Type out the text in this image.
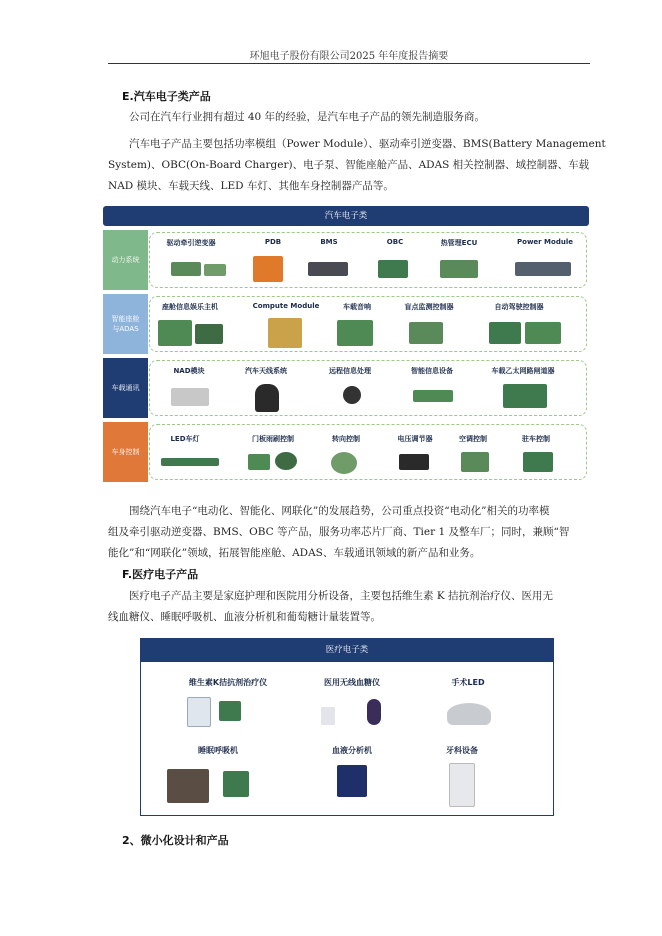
环旭电子股份有限公司2025 年年度报告摘要
E.汽车电子类产品
公司在汽车行业拥有超过 40 年的经验，是汽车电子产品的领先制造服务商。
汽车电子产品主要包括功率模组（Power Module）、驱动牵引逆变器、BMS(Battery Management
System)、OBC(On-Board Charger)、电子泵、智能座舱产品、ADAS 相关控制器、域控制器、车载
NAD 模块、车载天线、LED 车灯、其他车身控制器产品等。
汽车电子类
动力系统
驱动牵引逆变器	PDB	BMS	OBC	热管理ECU	Power Module
智能座舱
与ADAS
座舱信息娱乐主机	Compute Module	车载音响	盲点监测控制器	自动驾驶控制器
车载通讯
NAD模块	汽车天线系统	远程信息处理	智能信息设备	车载乙太网路闸道器
车身控制
LED车灯	门板雨刷控制	转向控制	电压调节器	空调控制	驻车控制
围绕汽车电子“电动化、智能化、网联化”的发展趋势，公司重点投资“电动化”相关的功率模
组及牵引驱动逆变器、BMS、OBC 等产品，服务功率芯片厂商、Tier 1 及整车厂；同时，兼顾“智
能化”和“网联化”领域，拓展智能座舱、ADAS、车载通讯领域的新产品和业务。
F.医疗电子产品
医疗电子产品主要是家庭护理和医院用分析设备，主要包括维生素 K 拮抗剂治疗仪、医用无
线血糖仪、睡眠呼吸机、血液分析机和葡萄糖计量装置等。
医疗电子类
维生素K拮抗剂治疗仪	医用无线血糖仪	手术LED
睡眠呼吸机	血液分析机	牙科设备
2、微小化设计和产品
